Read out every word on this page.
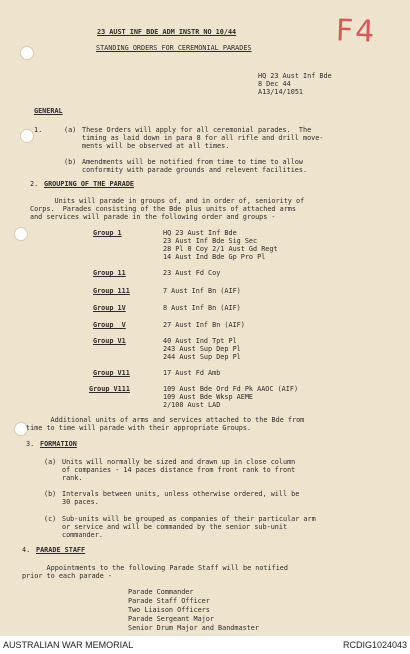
F4
23 AUST INF BDE ADM INSTR NO 10/44
STANDING ORDERS FOR CEREMONIAL PARADES
HQ 23 Aust Inf Bde
8 Dec 44
A13/14/1051
GENERAL
1.	(a) These Orders will apply for all ceremonial parades.  The
timing as laid down in para 8 for all rifle and drill move-
ments will be observed at all times.
(b) Amendments will be notified from time to time to allow
conformity with parade grounds and relevent facilities.
2. GROUPING OF THE PARADE
Units will parade in groups of, and in order of, seniority of
Corps.  Parades consisting of the Bde plus units of attached arms
and services will parade in the following order and groups -
Group 1	HQ 23 Aust Inf Bde
23 Aust Inf Bde Sig Sec
28 Pl 0 Coy 2/1 Aust Gd Regt
14 Aust Ind Bde Gp Pro Pl
Group 11	23 Aust Fd Coy
Group 111	7 Aust Inf Bn (AIF)
Group 1V	8 Aust Inf Bn (AIF)
Group  V	27 Aust Inf Bn (AIF)
Group V1	40 Aust Ind Tpt Pl
243 Aust Sup Dep Pl
244 Aust Sup Dep Pl
Group V11	17 Aust Fd Amb
Group V111	109 Aust Bde Ord Fd Pk AAOC (AIF)
109 Aust Bde Wksp AEME
2/108 Aust LAD
Additional units of arms and services attached to the Bde from
time to time will parade with their appropriate Groups.
3. FORMATION
(a) Units will normally be sized and drawn up in close column
of companies - 14 paces distance from front rank to front
rank.
(b) Intervals between units, unless otherwise ordered, will be
30 paces.
(c) Sub-units will be grouped as companies of their particular arm
or service and will be commanded by the senior sub-unit
commander.
4. PARADE STAFF
Appointments to the following Parade Staff will be notified
prior to each parade -
Parade Commander
Parade Staff Officer
Two Liaison Officers
Parade Sergeant Major
Senior Drum Major and Bandmaster
AUSTRALIAN WAR MEMORIAL	RCDIG1024043
